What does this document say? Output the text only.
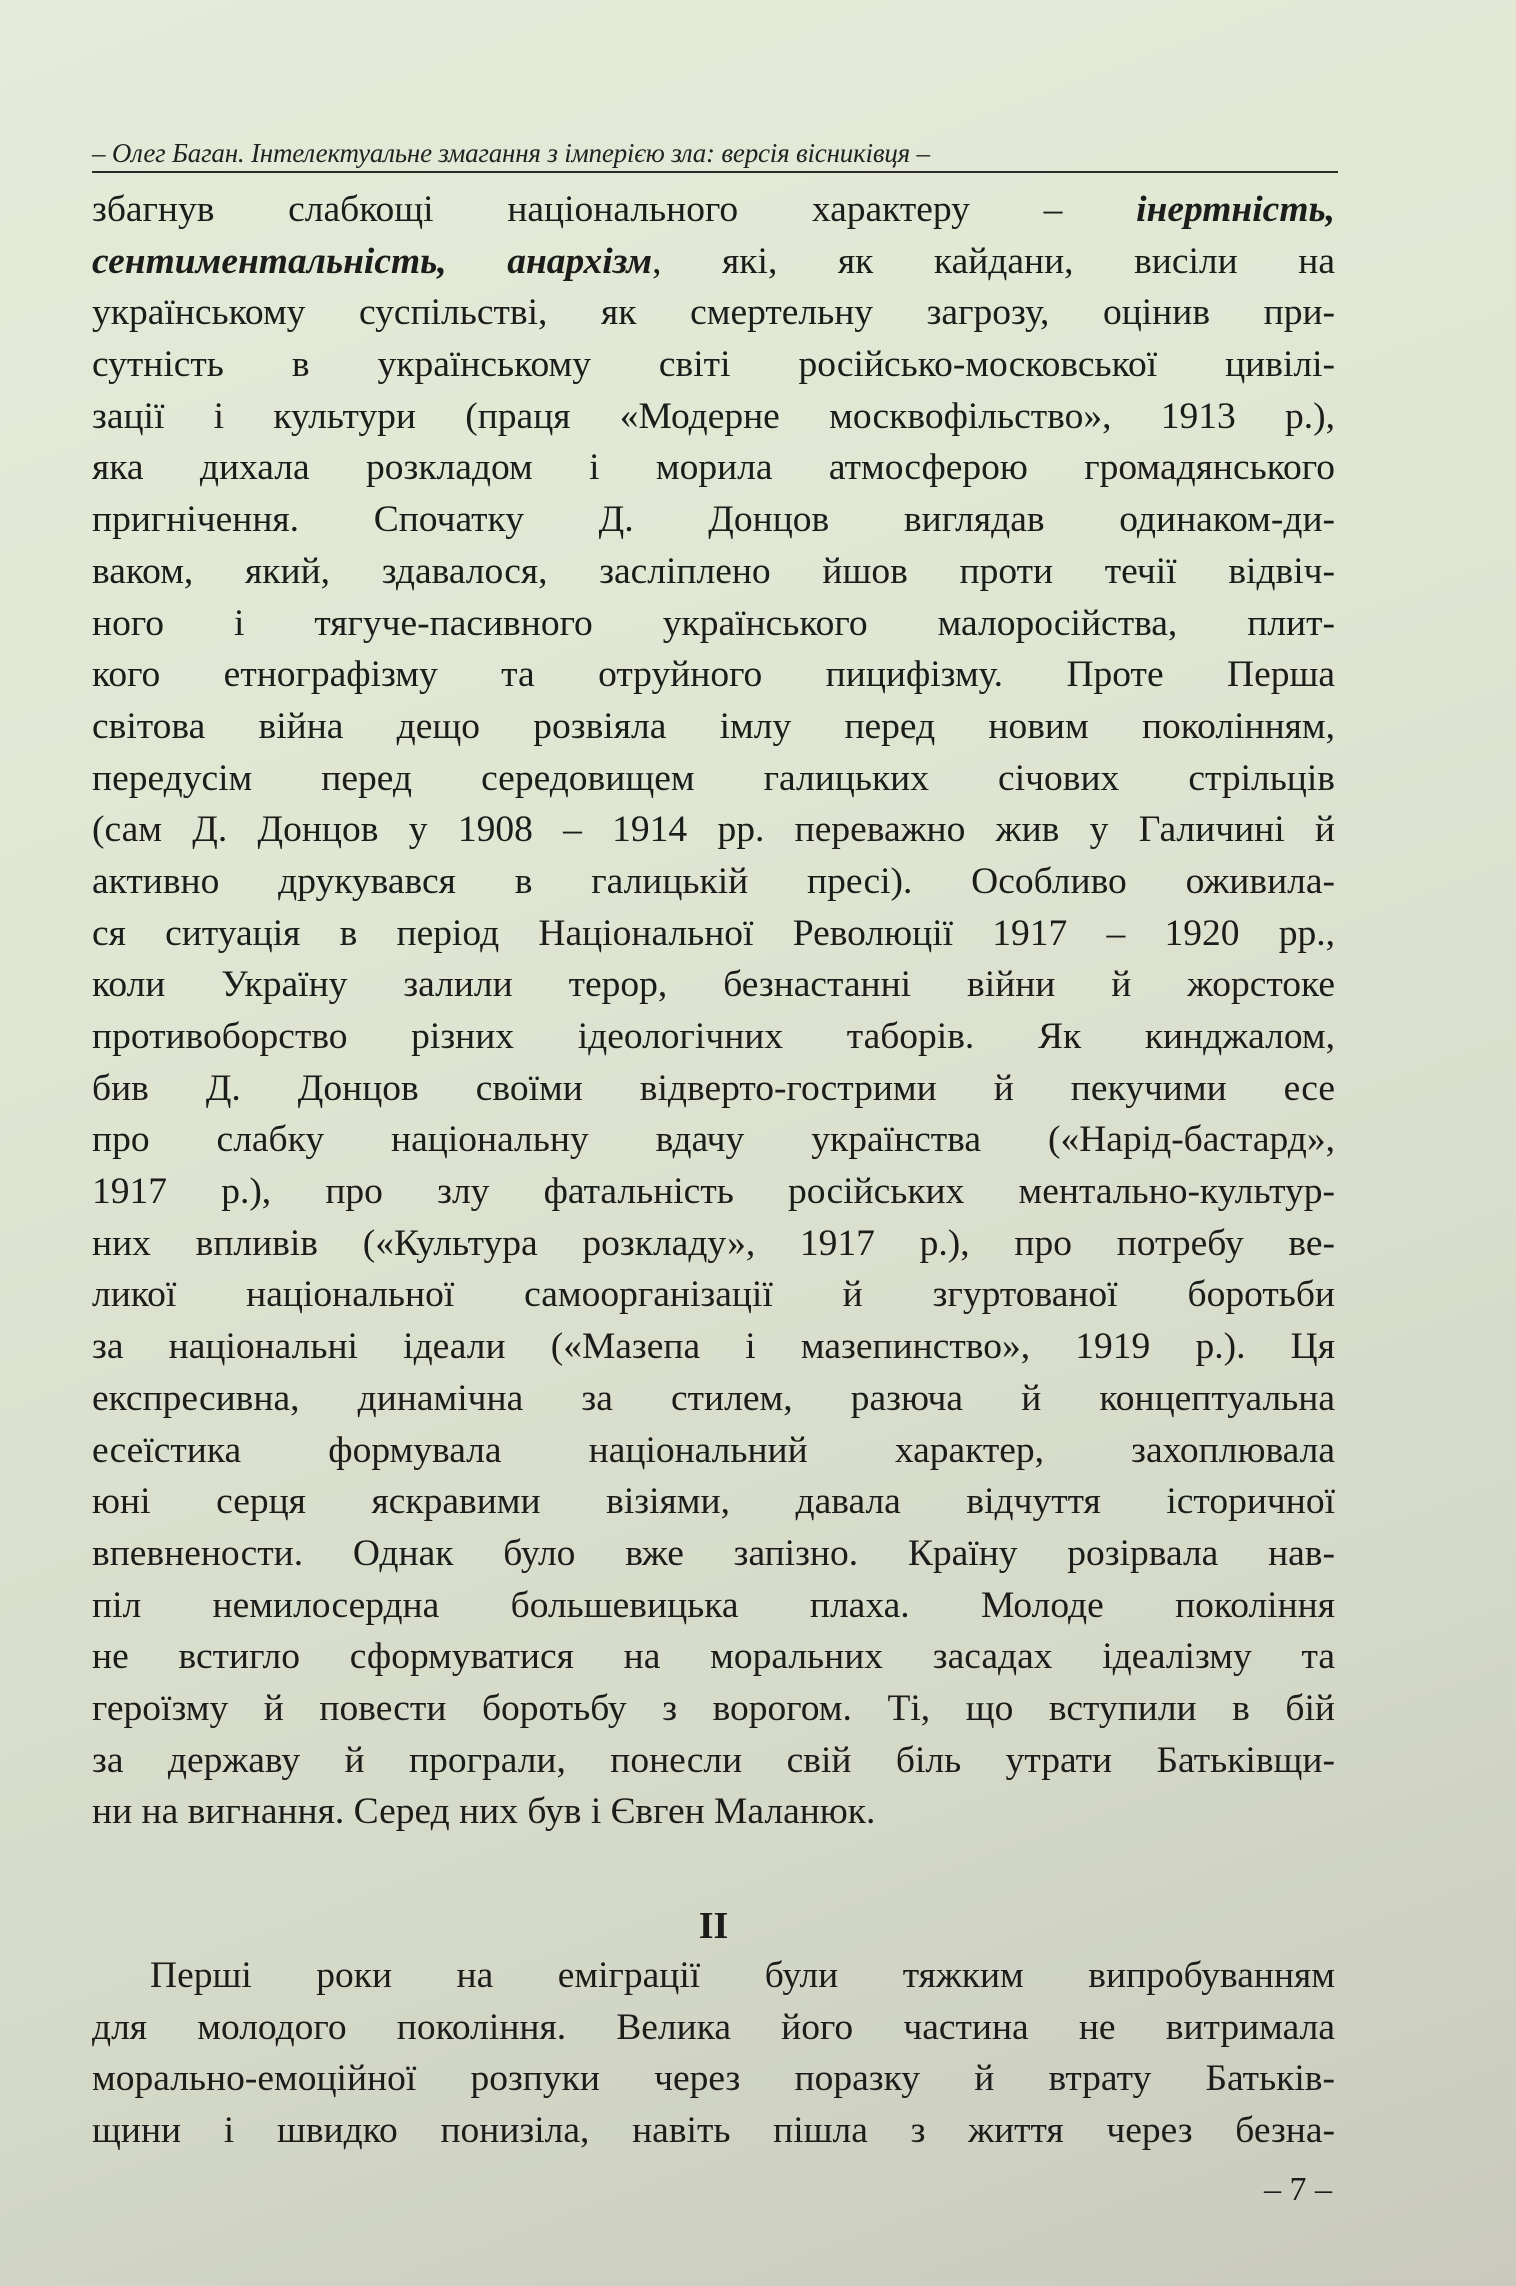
– Олег Баган. Інтелектуальне змагання з імперією зла: версія вісниківця –
збагнув слабкощі національного характеру – інертність,
сентиментальність, анархізм, які, як кайдани, висіли на
українському суспільстві, як смертельну загрозу, оцінив при-
сутність в українському світі російсько-московської цивілі-
зації і культури (праця «Модерне москвофільство», 1913 р.),
яка дихала розкладом і морила атмосферою громадянського
пригнічення. Спочатку Д. Донцов виглядав одинаком-ди-
ваком, який, здавалося, засліплено йшов проти течії відвіч-
ного і тягуче-пасивного українського малоросійства, плит-
кого етнографізму та отруйного пицифізму. Проте Перша
світова війна дещо розвіяла імлу перед новим поколінням,
передусім перед середовищем галицьких січових стрільців
(сам Д. Донцов у 1908 – 1914 рр. переважно жив у Галичині й
активно друкувався в галицькій пресі). Особливо оживила-
ся ситуація в період Національної Революції 1917 – 1920 рр.,
коли Україну залили терор, безнастанні війни й жорстоке
противоборство різних ідеологічних таборів. Як кинджалом,
бив Д. Донцов своїми відверто-гострими й пекучими есе
про слабку національну вдачу українства («Нарід-бастард»,
1917 р.), про злу фатальність російських ментально-культур-
них впливів («Культура розкладу», 1917 р.), про потребу ве-
ликої національної самоорганізації й згуртованої боротьби
за національні ідеали («Мазепа і мазепинство», 1919 р.). Ця
експресивна, динамічна за стилем, разюча й концептуальна
есеїстика формувала національний характер, захоплювала
юні серця яскравими візіями, давала відчуття історичної
впевнености. Однак було вже запізно. Країну розірвала нав-
піл немилосердна большевицька плаха. Молоде покоління
не встигло сформуватися на моральних засадах ідеалізму та
героїзму й повести боротьбу з ворогом. Ті, що вступили в бій
за державу й програли, понесли свій біль утрати Батьківщи-
ни на вигнання. Серед них був і Євген Маланюк.
II
Перші роки на еміграції були тяжким випробуванням
для молодого покоління. Велика його частина не витримала
морально-емоційної розпуки через поразку й втрату Батьків-
щини і швидко понизіла, навіть пішла з життя через безна-
– 7 –
